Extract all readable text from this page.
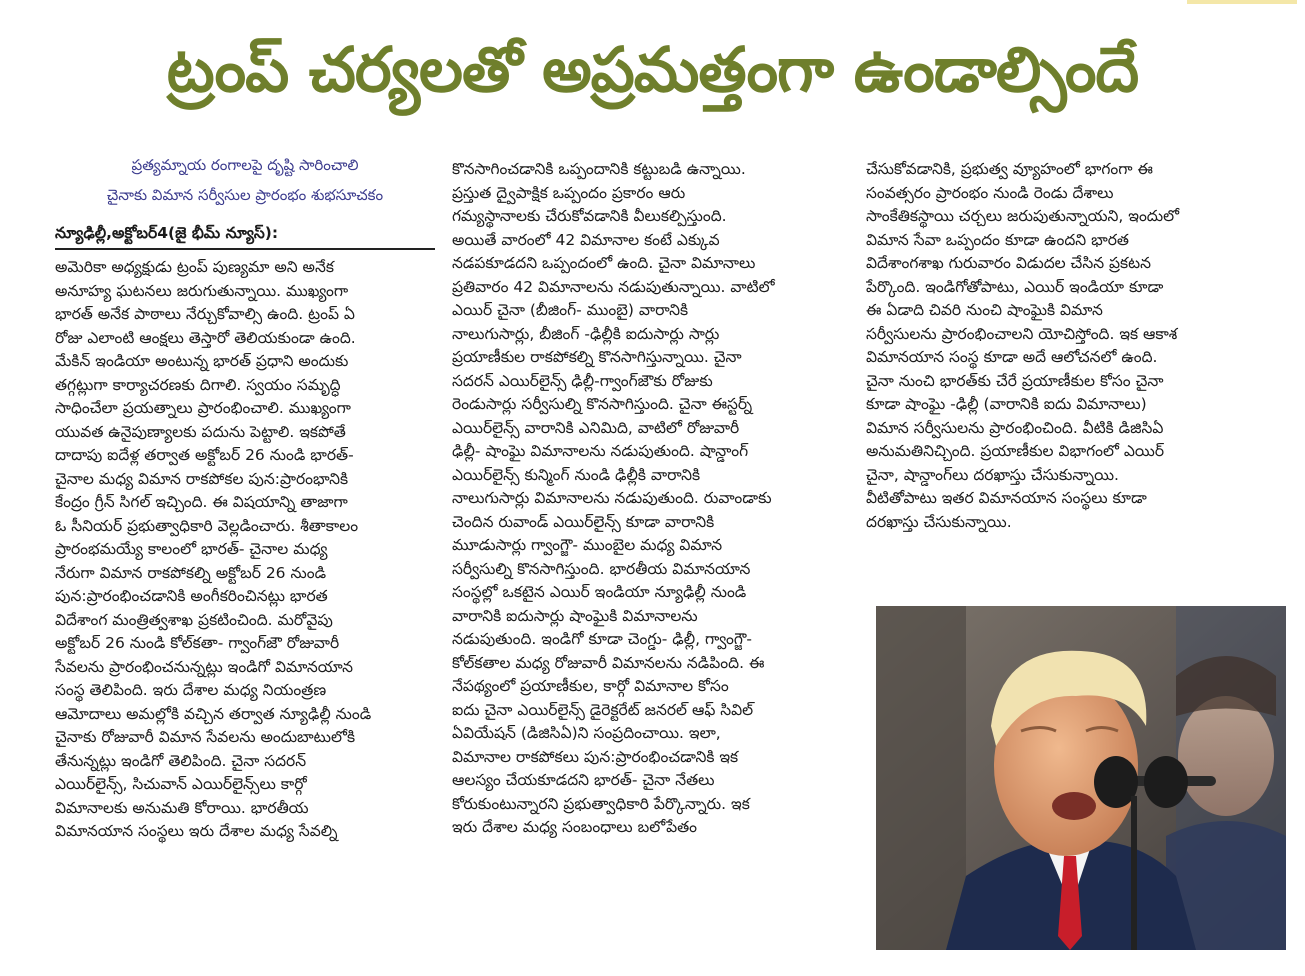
ట్రంప్ చర్యలతో అప్రమత్తంగా ఉండాల్సిందే

ప్రత్యమ్నాయ రంగాలపై దృష్టి సారించాలి

చైనాకు విమాన సర్వీసుల ప్రారంభం శుభసూచకం

న్యూఢిల్లీ,అక్టోబర్4(జై భీమ్ న్యూస్):

అమెరికా అధ్యక్షుడు ట్రంప్ పుణ్యమా అని అనేక

అనూహ్య ఘటనలు జరుగుతున్నాయి. ముఖ్యంగా

భారత్ అనేక పాఠాలు నేర్చుకోవాల్సి ఉంది. ట్రంప్ ఏ

రోజు ఎలాంటి ఆంక్షలు తెస్తారో తెలియకుండా ఉంది.

మేకిన్ ఇండియా అంటున్న భారత్ ప్రధాని అందుకు

తగ్గట్లుగా కార్యాచరణకు దిగాలి. స్వయం సమృద్ధి

సాధించేలా ప్రయత్నాలు ప్రారంభించాలి. ముఖ్యంగా

యువత ఉనైపుణ్యాలకు పదును పెట్టాలి. ఇకపోతే

దాదాపు ఐదేళ్ల తర్వాత అక్టోబర్ 26 నుండి భారత్-

చైనాల మధ్య విమాన రాకపోకల పున:ప్రారంభానికి

కేంద్రం గ్రీన్ సిగల్ ఇచ్చింది. ఈ విషయాన్ని తాజాగా

ఓ సీనియర్ ప్రభుత్వాధికారి వెల్లడించారు. శీతాకాలం

ప్రారంభమయ్యే కాలంలో భారత్- చైనాల మధ్య

నేరుగా విమాన రాకపోకల్ని అక్టోబర్ 26 నుండి

పున:ప్రారంభించడానికి అంగీకరించినట్లు భారత

విదేశాంగ మంత్రిత్వశాఖ ప్రకటించింది. మరోవైపు

అక్టోబర్ 26 నుండి కోల్‌కతా- గ్వాంగ్‌జౌ రోజువారీ

సేవలను ప్రారంభించనున్నట్లు ఇండిగో విమానయాన

సంస్థ తెలిపింది. ఇరు దేశాల మధ్య నియంత్రణ

ఆమోదాలు అమల్లోకి వచ్చిన తర్వాత న్యూఢిల్లీ నుండి

చైనాకు రోజువారీ విమాన సేవలను అందుబాటులోకి

తేనున్నట్లు ఇండిగో తెలిపింది. చైనా సదరన్

ఎయిర్‌లైన్స్, సిచువాన్ ఎయిర్‌లైన్స్‌లు కార్గో

విమానాలకు అనుమతి కోరాయి. భారతీయ

విమానయాన సంస్థలు ఇరు దేశాల మధ్య సేవల్ని

కొనసాగించడానికి ఒప్పందానికి కట్టుబడి ఉన్నాయి.

ప్రస్తుత ద్వైపాక్షిక ఒప్పందం ప్రకారం ఆరు

గమ్యస్థానాలకు చేరుకోవడానికి వీలుకల్పిస్తుంది.

అయితే వారంలో 42 విమానాల కంటే ఎక్కువ

నడపకూడదని ఒప్పందంలో ఉంది. చైనా విమానాలు

ప్రతివారం 42 విమానాలను నడుపుతున్నాయి. వాటిలో

ఎయిర్ చైనా (బీజింగ్- ముంబై) వారానికి

నాలుగుసార్లు, బీజింగ్ -ఢిల్లీకి ఐదుసార్లు సార్లు

ప్రయాణీకుల రాకపోకల్ని కొనసాగిస్తున్నాయి. చైనా

సదరన్ ఎయిర్‌లైన్స్ ఢిల్లీ-గ్వాంగ్‌జౌకు రోజుకు

రెండుసార్లు సర్వీసుల్ని కొనసాగిస్తుంది. చైనా ఈస్టర్న్

ఎయిర్‌లైన్స్ వారానికి ఎనిమిది, వాటిలో రోజువారీ

ఢిల్లీ- షాంఘై విమానాలను నడుపుతుంది. షాన్డాంగ్

ఎయిర్‌లైన్స్ కున్మింగ్ నుండి ఢిల్లీకి వారానికి

నాలుగుసార్లు విమానాలను నడుపుతుంది. రువాండాకు

చెందిన రువాండ్ ఎయిర్‌లైన్స్ కూడా వారానికి

మూడుసార్లు గ్వాంగ్జౌ- ముంబైల మధ్య విమాన

సర్వీసుల్ని కొనసాగిస్తుంది. భారతీయ విమానయాన

సంస్థల్లో ఒకటైన ఎయిర్ ఇండియా న్యూఢిల్లీ నుండి

వారానికి ఐదుసార్లు షాంఘైకి విమానాలను

నడుపుతుంది. ఇండిగో కూడా చెంగ్డు- ఢిల్లీ, గ్వాంగ్జౌ-

కోల్‌కతాల మధ్య రోజువారీ విమానలను నడిపింది. ఈ

నేపథ్యంలో ప్రయాణీకుల, కార్గో విమానాల కోసం

ఐదు చైనా ఎయిర్‌లైన్స్ డైరెక్టరేట్ జనరల్ ఆఫ్ సివిల్

ఏవియేషన్ (డిజిసిఏ)ని సంప్రదించాయి. ఇలా,

విమానాల రాకపోకలు పున:ప్రారంభించడానికి ఇక

ఆలస్యం చేయకూడదని భారత్- చైనా నేతలు

కోరుకుంటున్నారని ప్రభుత్వాధికారి పేర్కొన్నారు. ఇక

ఇరు దేశాల మధ్య సంబంధాలు బలోపేతం

చేసుకోవడానికి, ప్రభుత్వ వ్యూహంలో భాగంగా ఈ

సంవత్సరం ప్రారంభం నుండి రెండు దేశాలు

సాంకేతికస్థాయి చర్చలు జరుపుతున్నాయని, ఇందులో

విమాన సేవా ఒప్పందం కూడా ఉందని భారత

విదేశాంగశాఖ గురువారం విడుదల చేసిన ప్రకటన

పేర్కొంది. ఇండిగోతోపాటు, ఎయిర్ ఇండియా కూడా

ఈ ఏడాది చివరి నుంచి షాంఘైకి విమాన

సర్వీసులను ప్రారంభించాలని యోచిస్తోంది. ఇక ఆకాశ

విమానయాన సంస్థ కూడా అదే ఆలోచనలో ఉంది.

చైనా నుంచి భారత్‌కు చేరే ప్రయాణీకుల కోసం చైనా

కూడా షాంఘై -ఢిల్లీ (వారానికి ఐదు విమానాలు)

విమాన సర్వీసులను ప్రారంభించింది. వీటికి డిజిసిఏ

అనుమతినిచ్చింది. ప్రయాణీకుల విభాగంలో ఎయిర్

చైనా, షాన్డాంగ్‌లు దరఖాస్తు చేసుకున్నాయి.

వీటితోపాటు ఇతర విమానయాన సంస్థలు కూడా

దరఖాస్తు చేసుకున్నాయి.
